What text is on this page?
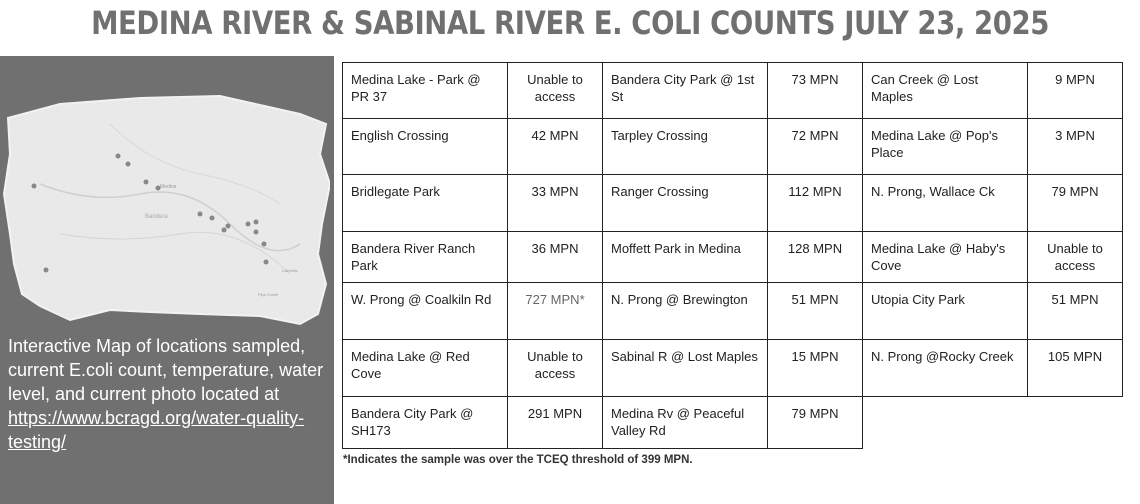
MEDINA RIVER & SABINAL RIVER E. COLI COUNTS JULY 23, 2025
Medina
Bandera
Lakehills
Pipe Creek
Interactive Map of locations sampled, current E.coli count, temperature, water level, and current photo located at
https://www.bcragd.org/water-quality-testing/
Medina Lake - Park @ PR 37	Unable to access	Bandera City Park @ 1st St	73 MPN	Can Creek @ Lost Maples	9 MPN
English Crossing	42 MPN	Tarpley Crossing	72 MPN	Medina Lake @ Pop's Place	3 MPN
Bridlegate Park	33 MPN	Ranger Crossing	112 MPN	N. Prong, Wallace Ck	79 MPN
Bandera River Ranch Park	36 MPN	Moffett Park in Medina	128 MPN	Medina Lake @ Haby's Cove	Unable to access
W. Prong @ Coalkiln Rd	727 MPN*	N. Prong @ Brewington	51 MPN	Utopia City Park	51 MPN
Medina Lake @ Red Cove	Unable to access	Sabinal R @ Lost Maples	15 MPN	N. Prong @Rocky Creek	105 MPN
Bandera City Park @ SH173	291 MPN	Medina Rv @ Peaceful Valley Rd	79 MPN		
*Indicates the sample was over the TCEQ threshold of 399 MPN.
